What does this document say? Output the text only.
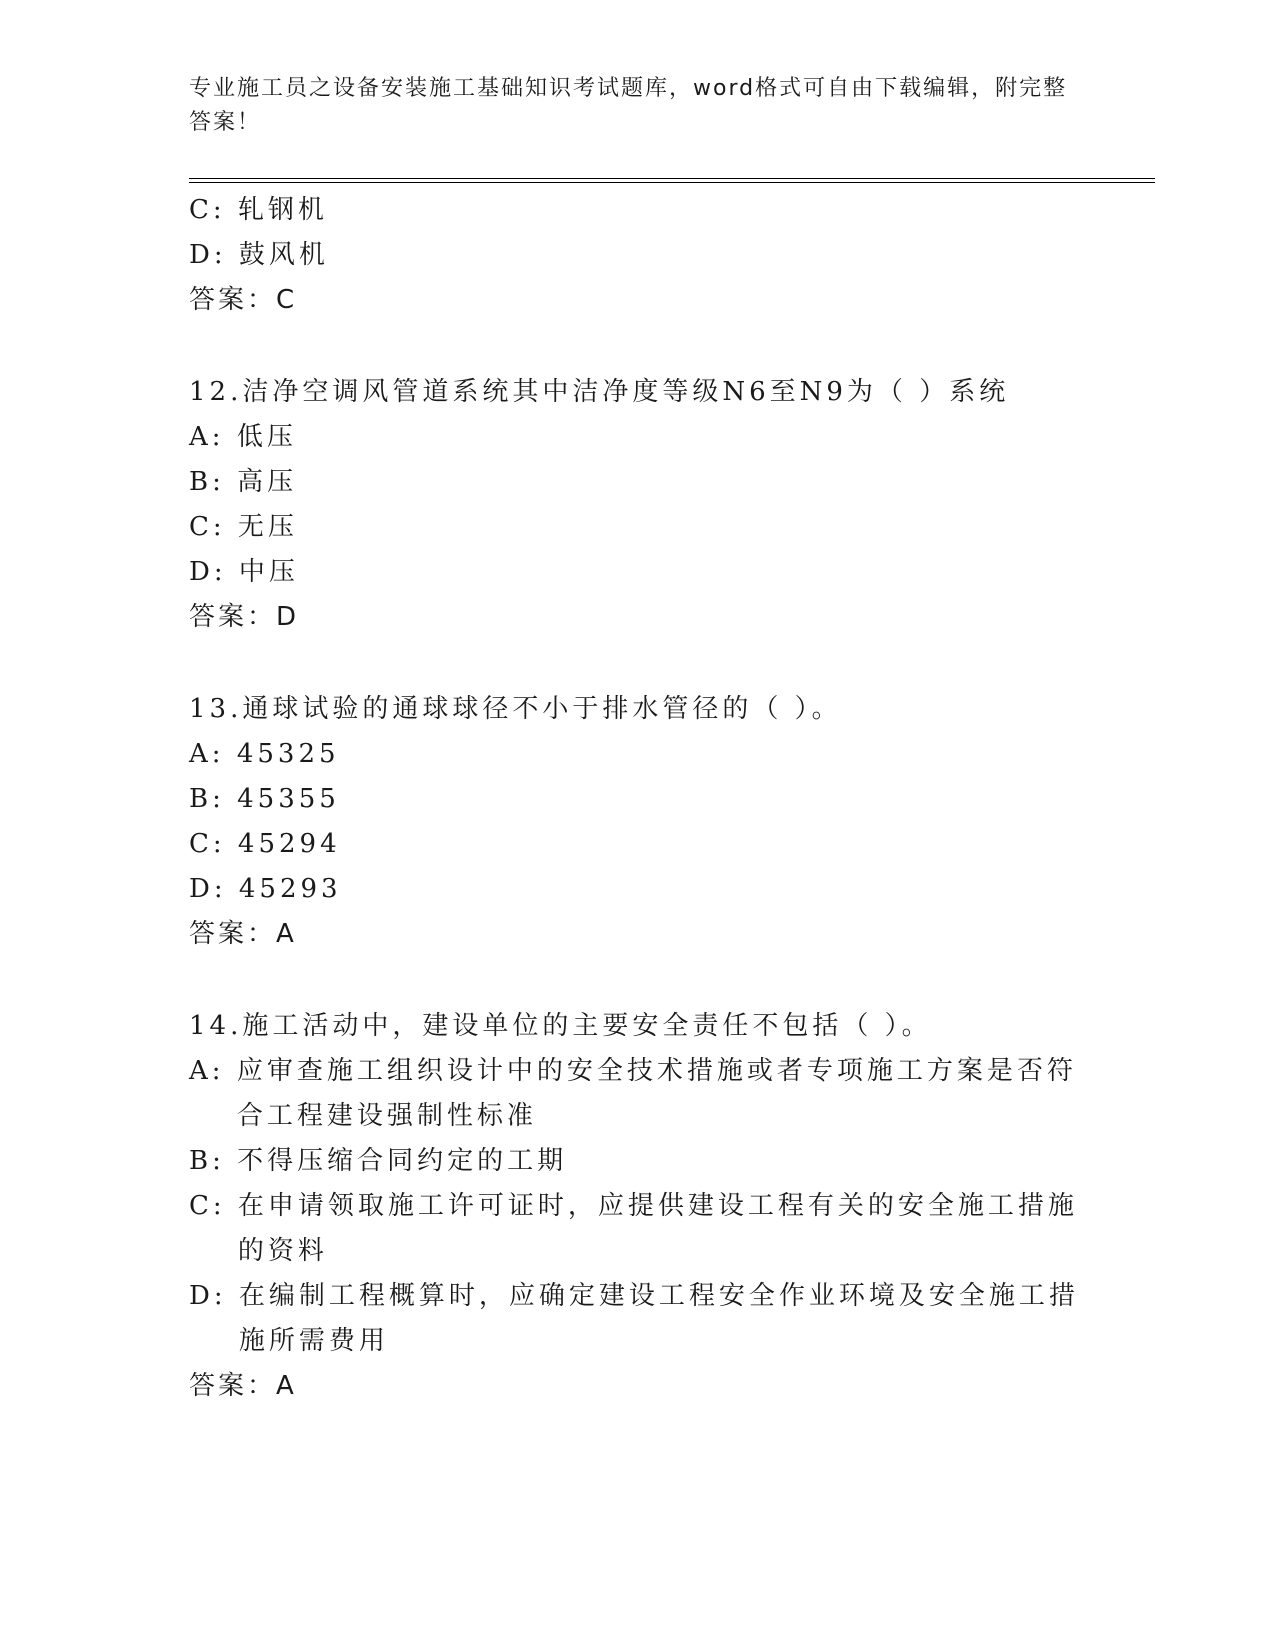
专业施工员之设备安装施工基础知识考试题库，word格式可自由下载编辑，附完整答案！
C: 轧钢机
D: 鼓风机
答案：C
12.洁净空调风管道系统其中洁净度等级N6至N9为（ ）系统
A: 低压
B: 高压
C: 无压
D: 中压
答案：D
13.通球试验的通球球径不小于排水管径的（ ）。
A: 45325
B: 45355
C: 45294
D: 45293
答案：A
14.施工活动中，建设单位的主要安全责任不包括（ ）。
A: 应审查施工组织设计中的安全技术措施或者专项施工方案是否符合工程建设强制性标准
B: 不得压缩合同约定的工期
C: 在申请领取施工许可证时，应提供建设工程有关的安全施工措施的资料
D: 在编制工程概算时，应确定建设工程安全作业环境及安全施工措施所需费用
答案：A
